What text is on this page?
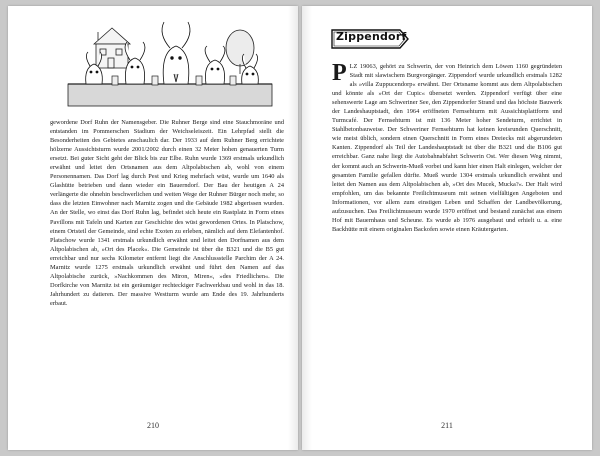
gewordene Dorf Ruhn der Namensgeber. Die Ruhner Berge sind eine Stauchmoräne und entstanden im Pommerschen Stadium der Weichseleiszeit. Ein Lehrpfad stellt die Besonderheiten des Gebietes anschaulich dar. Der 1933 auf dem Ruhner Berg errichtete hölzerne Aussichtsturm wurde 2001/2002 durch einen 32 Meter hohen genauerten Turm ersetzt. Bei guter Sicht geht der Blick bis zur Elbe. Ruhn wurde 1369 erstmals urkundlich erwähnt und leitet den Ortsnamen aus dem Altpolabischen ab, wohl von einem Personennamen. Das Dorf lag durch Pest und Krieg mehrfach wüst, wurde um 1640 als Glashütte betrieben und dann wieder ein Bauerndorf. Der Bau der heutigen A 24 verlängerte die ohnehin beschwerlichen und weiten Wege der Ruhner Bürger noch mehr, so dass die letzten Einwohner nach Marnitz zogen und die Gebäude 1982 abgerissen wurden. An der Stelle, wo einst das Dorf Ruhn lag, befindet sich heute ein Rastplatz in Form eines Pavillons mit Tafeln und Karten zur Geschichte des wüst gewordenen Ortes. In Platschow, einem Ortsteil der Gemeinde, sind echte Exoten zu erleben, nämlich auf dem Elefantenhof. Platschow wurde 1341 erstmals urkundlich erwähnt und leitet den Dorfnamen aus dem Altpolabischen ab, »Ort des Placek«. Die Gemeinde ist über die B321 und die B5 gut erreichbar und nur sechs Kilometer entfernt liegt die Anschlussstelle Parchim der A 24. Marnitz wurde 1275 erstmals urkundlich erwähnt und führt den Namen auf das Altpolabische zurück, »Nachkommen des Miron, Miren«, »des Friedlichen«. Die Dorfkirche von Marnitz ist ein geräumiger rechteckiger Fachwerkbau und wohl in das 18. Jahrhundert zu datieren. Der massive Westturm wurde am Ende des 19. Jahrhunderts erbaut.

210
Zippendorf
P LZ 19063, gehört zu Schwerin, der von Heinrich dem Löwen 1160 gegründeten Stadt mit slawischem Burgvorgänger. Zippendorf wurde urkundlich erstmals 1282 als »villa Zuppucendorp« erwähnt. Der Ortsname kommt aus dem Altpolabischen und könnte als »Ort der Cupic« übersetzt werden. Zippendorf verfügt über eine sehenswerte Lage am Schweriner See, den Zippendorfer Strand und das höchste Bauwerk der Landeshauptstadt, den 1964 eröffneten Fernsehturm mit Aussichtsplattform und Turmcafé. Der Fernsehturm ist mit 136 Meter hoher Sendeturm, errichtet in Stahlbetonbauweise. Der Schweriner Fernsehturm hat keinen kreisrunden Querschnitt, wie meist üblich, sondern einen Querschnitt in Form eines Dreiecks mit abgerundeten Kanten. Zippendorf als Teil der Landeshauptstadt ist über die B321 und die B106 gut erreichbar. Ganz nahe liegt die Autobahnabfahrt Schwerin Ost. Wer diesen Weg nimmt, der kommt auch an Schwerin-Mueß vorbei und kann hier einen Halt einlegen, welcher der gesamten Familie gefallen dürfte. Mueß wurde 1304 erstmals urkundlich erwähnt und leitet den Namen aus dem Altpolabischen ab, »Ort des Mucek, Mucka?«. Der Halt wird empfohlen, um das bekannte Freilichtmuseum mit seinen vielfältigen Angeboten und Informationen, vor allem zum einstigen Leben und Schaffen der Landbevölkerung, aufzusuchen. Das Freilichtmuseum wurde 1970 eröffnet und bestand zunächst aus einem Hof mit Bauernhaus und Scheune. Es wurde ab 1976 ausgebaut und erhielt u. a. eine Backhütte mit einem originalen Backofen sowie einen Kräutergarten.

211
